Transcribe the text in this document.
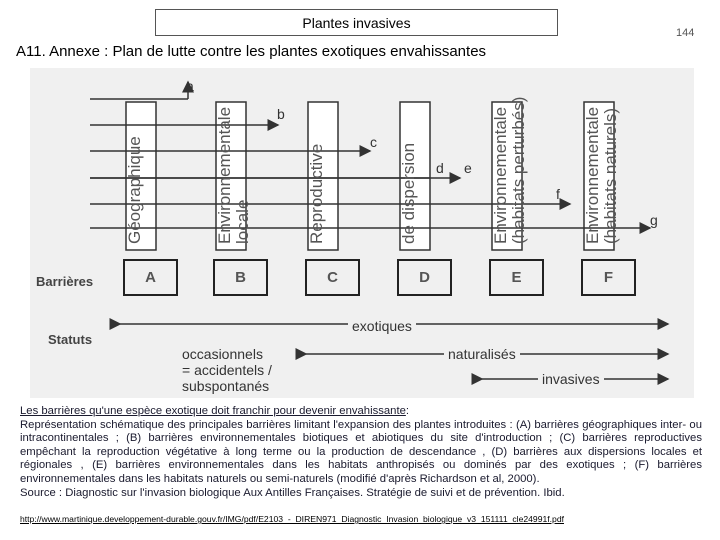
Plantes invasives
144
A11. Annexe : Plan de lutte contre les plantes exotiques envahissantes
Géographique	Environnementale locale	Reproductive	de dispersion	Environnementale (habitats perturbés)	Environnementale (habitats naturels)
a
b
c
d e
f
g
Barrières	A	B	C	D	E	F
Statuts
exotiques
occasionnels
= accidentels /
subspontanés
naturalisés
invasives
Les barrières qu'une espèce exotique doit franchir pour devenir envahissante:
Représentation schématique des principales barrières limitant l'expansion des plantes introduites : (A) barrières géographiques inter- ou intracontinentales ; (B) barrières environnementales biotiques et abiotiques du site d'introduction ; (C) barrières reproductives empêchant la reproduction végétative à long terme ou la production de descendance , (D) barrières aux dispersions locales et régionales , (E) barrières environnementales dans les habitats anthropisés ou dominés par des exotiques ; (F) barrières environnementales dans les habitats naturels ou semi-naturels (modifié d'après Richardson et al, 2000).
Source : Diagnostic sur l'invasion biologique Aux Antilles Françaises. Stratégie de suivi et de prévention. Ibid.
http://www.martinique.developpement-durable.gouv.fr/IMG/pdf/E2103_-_DIREN971_Diagnostic_Invasion_biologique_v3_151111_cle24991f.pdf
